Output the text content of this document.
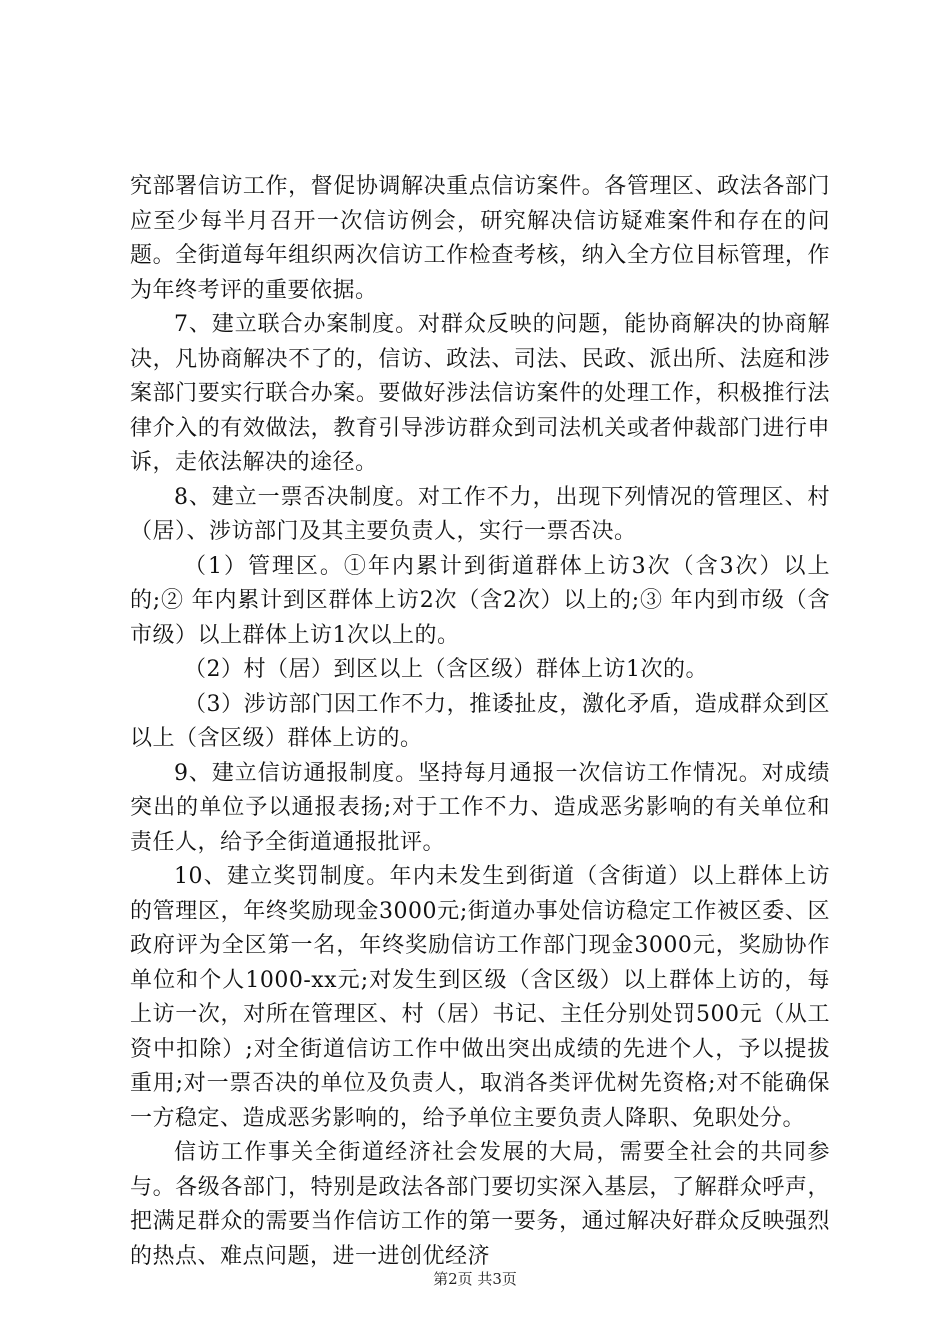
究部署信访工作，督促协调解决重点信访案件。各管理区、政法各部门应至少每半月召开一次信访例会，研究解决信访疑难案件和存在的问题。全街道每年组织两次信访工作检查考核，纳入全方位目标管理，作为年终考评的重要依据。

7、建立联合办案制度。对群众反映的问题，能协商解决的协商解决，凡协商解决不了的，信访、政法、司法、民政、派出所、法庭和涉案部门要实行联合办案。要做好涉法信访案件的处理工作，积极推行法律介入的有效做法，教育引导涉访群众到司法机关或者仲裁部门进行申诉，走依法解决的途径。

8、建立一票否决制度。对工作不力，出现下列情况的管理区、村（居）、涉访部门及其主要负责人，实行一票否决。

（1）管理区。①年内累计到街道群体上访3次（含3次）以上的;② 年内累计到区群体上访2次（含2次）以上的;③ 年内到市级（含市级）以上群体上访1次以上的。

（2）村（居）到区以上（含区级）群体上访1次的。

（3）涉访部门因工作不力，推诿扯皮，激化矛盾，造成群众到区以上（含区级）群体上访的。

9、建立信访通报制度。坚持每月通报一次信访工作情况。对成绩突出的单位予以通报表扬;对于工作不力、造成恶劣影响的有关单位和责任人，给予全街道通报批评。

10、建立奖罚制度。年内未发生到街道（含街道）以上群体上访的管理区，年终奖励现金3000元;街道办事处信访稳定工作被区委、区政府评为全区第一名，年终奖励信访工作部门现金3000元，奖励协作单位和个人1000-xx元;对发生到区级（含区级）以上群体上访的，每上访一次，对所在管理区、村（居）书记、主任分别处罚500元（从工资中扣除）;对全街道信访工作中做出突出成绩的先进个人，予以提拔重用;对一票否决的单位及负责人，取消各类评优树先资格;对不能确保一方稳定、造成恶劣影响的，给予单位主要负责人降职、免职处分。

信访工作事关全街道经济社会发展的大局，需要全社会的共同参与。各级各部门，特别是政法各部门要切实深入基层，了解群众呼声，把满足群众的需要当作信访工作的第一要务，通过解决好群众反映强烈的热点、难点问题，进一进创优经济

第2页 共3页
